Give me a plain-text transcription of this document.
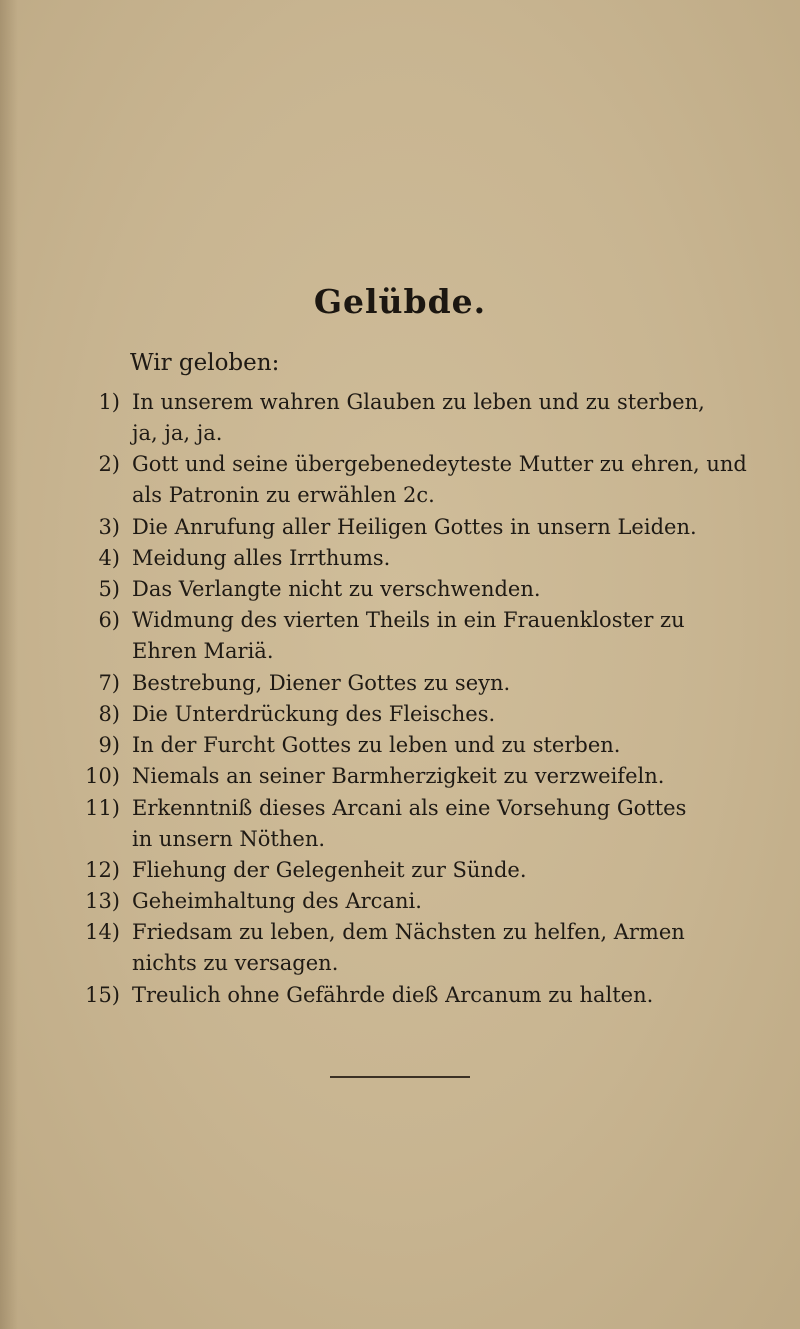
Gelübde.
Wir geloben:
1) In unserem wahren Glauben zu leben und zu sterben,
ja, ja, ja.
2) Gott und seine übergebenedeyteste Mutter zu ehren, und
als Patronin zu erwählen 2c.
3) Die Anrufung aller Heiligen Gottes in unsern Leiden.
4) Meidung alles Irrthums.
5) Das Verlangte nicht zu verschwenden.
6) Widmung des vierten Theils in ein Frauenkloster zu
Ehren Mariä.
7) Bestrebung, Diener Gottes zu seyn.
8) Die Unterdrückung des Fleisches.
9) In der Furcht Gottes zu leben und zu sterben.
10) Niemals an seiner Barmherzigkeit zu verzweifeln.
11) Erkenntniß dieses Arcani als eine Vorsehung Gottes
in unsern Nöthen.
12) Fliehung der Gelegenheit zur Sünde.
13) Geheimhaltung des Arcani.
14) Friedsam zu leben, dem Nächsten zu helfen, Armen
nichts zu versagen.
15) Treulich ohne Gefährde dieß Arcanum zu halten.
